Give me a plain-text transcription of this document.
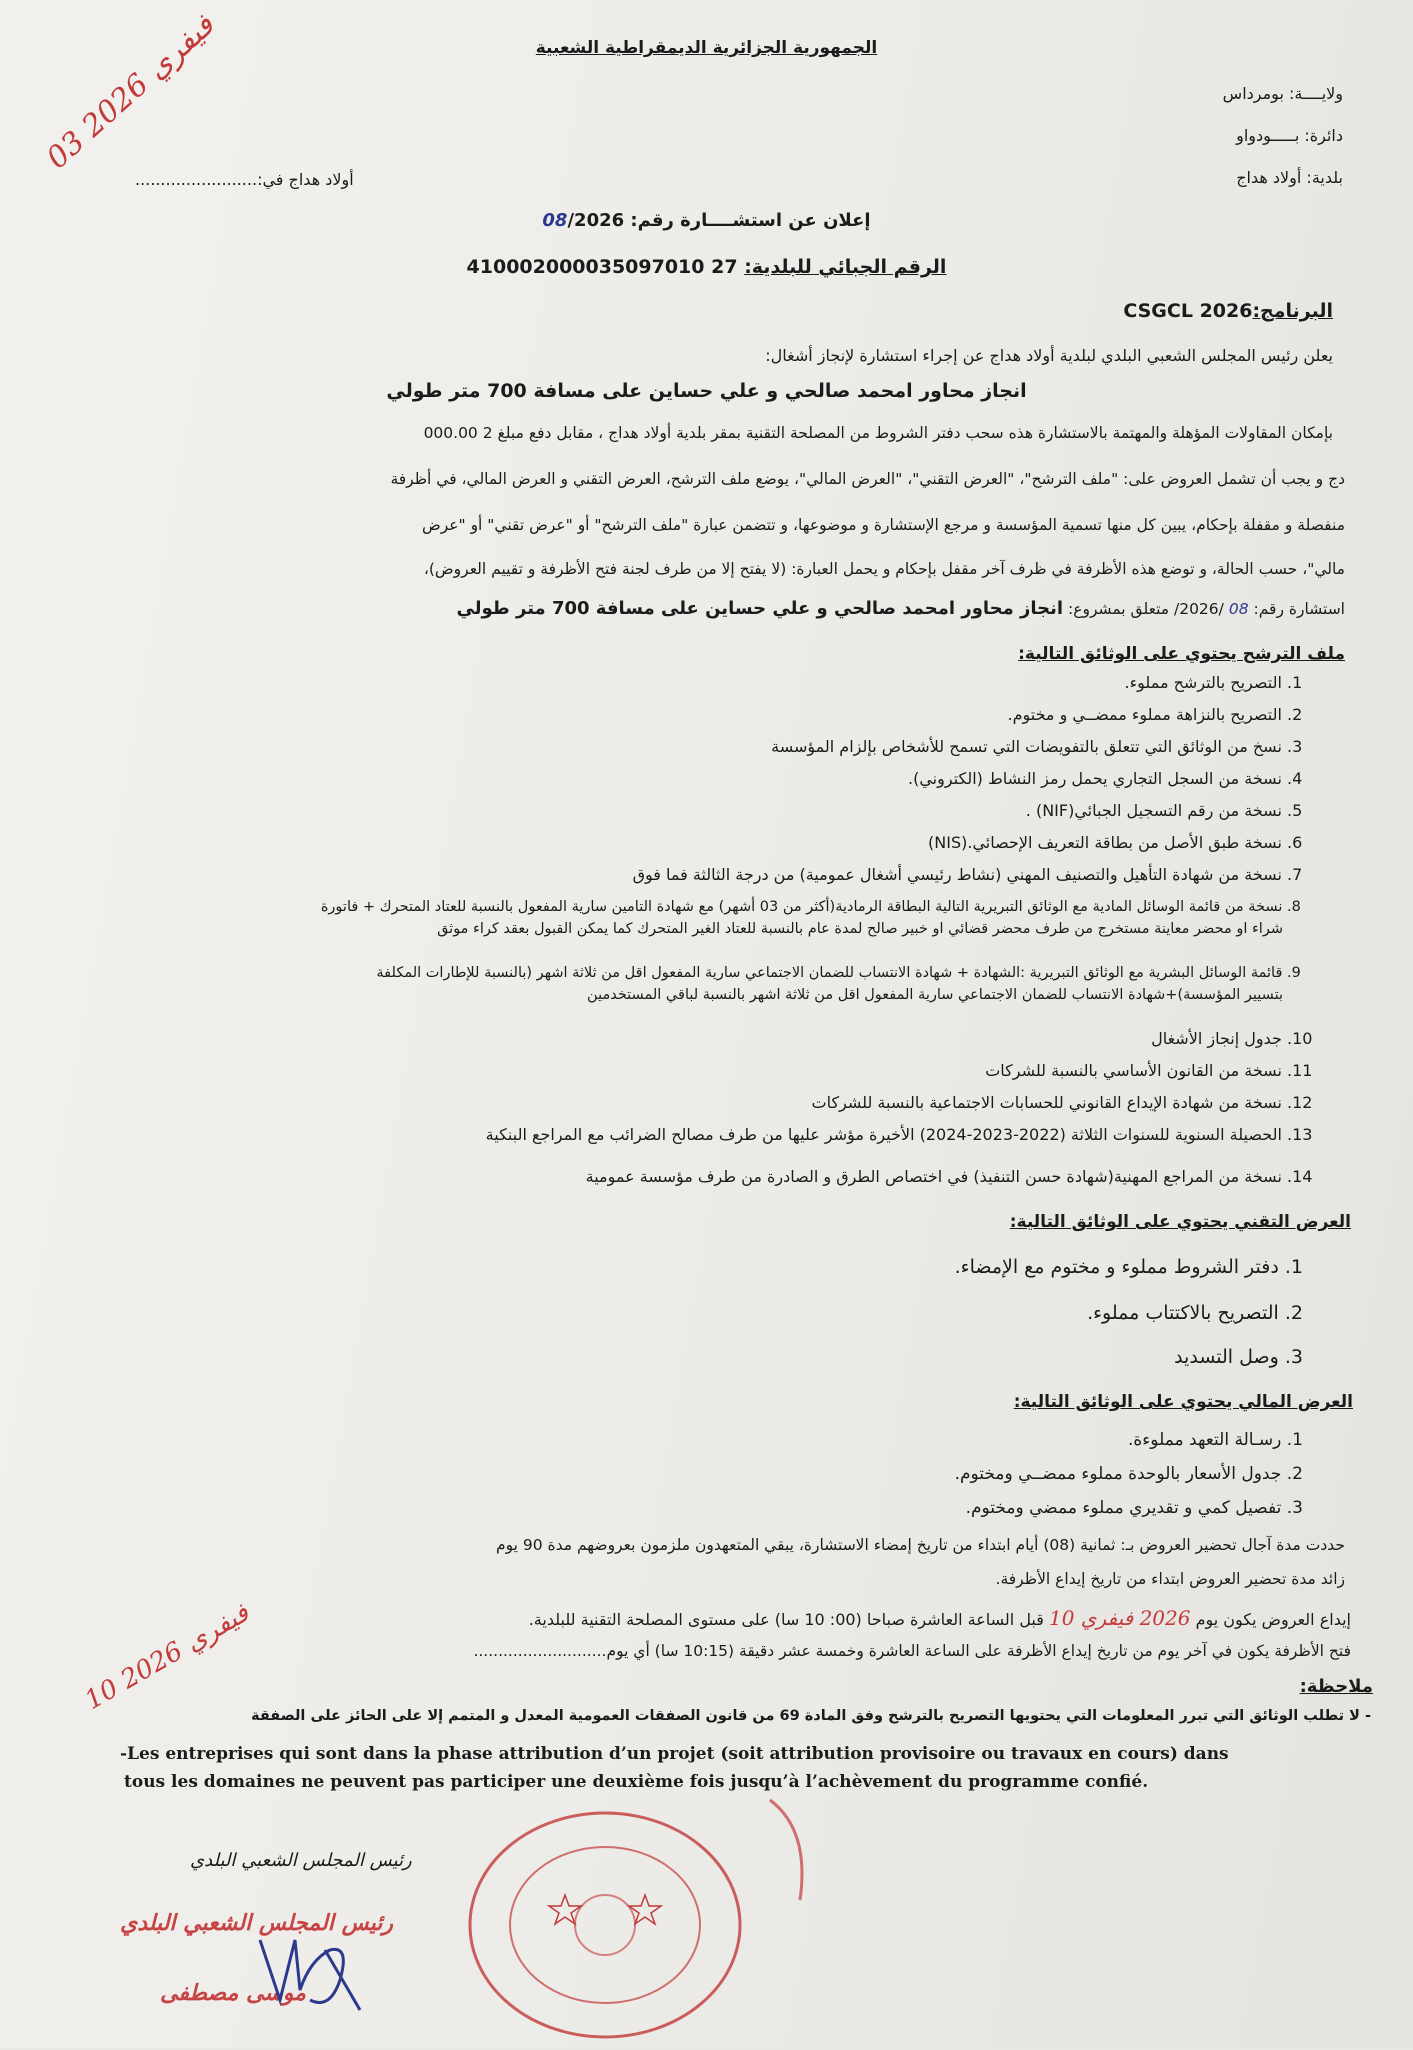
الجمهورية الجزائرية الديمقراطية الشعبية
ولايــــة: بومرداس
دائرة: بـــــودواو
بلدية: أولاد هداج
أولاد هداج في:........................
03 فيفري 2026
إعلان عن استشــــارة رقم: 08/2026
الرقم الجبائي للبلدية: 410002000035097010 27
البرنامج:CSGCL 2026
يعلن رئيس المجلس الشعبي البلدي لبلدية أولاد هداج عن إجراء استشارة لإنجاز أشغال:
انجاز محاور امحمد صالحي و علي حساين على مسافة 700 متر طولي
بإمكان المقاولات المؤهلة والمهتمة بالاستشارة هذه سحب دفتر الشروط من المصلحة التقنية بمقر بلدية أولاد هداج ، مقابل دفع مبلغ 2 000.00
دج و يجب أن تشمل العروض على: "ملف الترشح"، "العرض التقني"، "العرض المالي"، يوضع ملف الترشح، العرض التقني و العرض المالي، في أظرفة
منفصلة و مقفلة بإحكام، يبين كل منها تسمية المؤسسة و مرجع الإستشارة و موضوعها، و تتضمن عبارة "ملف الترشح" أو "عرض تقني" أو "عرض
مالي"، حسب الحالة، و توضع هذه الأظرفة في ظرف آخر مقفل بإحكام و يحمل العبارة: (لا يفتح إلا من طرف لجنة فتح الأظرفة و تقييم العروض)،
استشارة رقم: 08 /2026/ متعلق بمشروع: انجاز محاور امحمد صالحي و علي حساين على مسافة 700 متر طولي
ملف الترشح يحتوي على الوثائق التالية:
1. التصريح بالترشح مملوء.
2. التصريح بالنزاهة مملوء ممضــي و مختوم.
3. نسخ من الوثائق التي تتعلق بالتفويضات التي تسمح للأشخاص بإلزام المؤسسة
4. نسخة من السجل التجاري يحمل رمز النشاط (الكتروني).
5. نسخة من رقم التسجيل الجبائي(NIF) .
6. نسخة طبق الأصل من بطاقة التعريف الإحصائي.(NIS)
7. نسخة من شهادة التأهيل والتصنيف المهني (نشاط رئيسي أشغال عمومية) من درجة الثالثة فما فوق
8. نسخة من قائمة الوسائل المادية مع الوثائق التبريرية التالية البطاقة الرمادية(أكثر من 03 أشهر) مع شهادة التامين سارية المفعول بالنسبة للعتاد المتحرك + فاتورة
شراء او محضر معاينة مستخرج من طرف محضر قضائي او خبير صالح لمدة عام بالنسبة للعتاد الغير المتحرك كما يمكن القبول بعقد كراء موثق
9. قائمة الوسائل البشرية مع الوثائق التبريرية :الشهادة + شهادة الانتساب للضمان الاجتماعي سارية المفعول اقل من ثلاثة اشهر (بالنسبة للإطارات المكلفة
بتسيير المؤسسة)+شهادة الانتساب للضمان الاجتماعي سارية المفعول اقل من ثلاثة اشهر بالنسبة لباقي المستخدمين
10. جدول إنجاز الأشغال
11. نسخة من القانون الأساسي بالنسبة للشركات
12. نسخة من شهادة الإيداع القانوني للحسابات الاجتماعية بالنسبة للشركات
13. الحصيلة السنوية للسنوات الثلاثة (2022-2023-2024) الأخيرة مؤشر عليها من طرف مصالح الضرائب مع المراجع البنكية
14. نسخة من المراجع المهنية(شهادة حسن التنفيذ) في اختصاص الطرق و الصادرة من طرف مؤسسة عمومية
العرض التقني يحتوي على الوثائق التالية:
1. دفتر الشروط مملوء و مختوم مع الإمضاء.
2. التصريح بالاكتتاب مملوء.
3. وصل التسديد
العرض المالي يحتوي على الوثائق التالية:
1. رسـالة التعهد مملوءة.
2. جدول الأسعار بالوحدة مملوء ممضــي ومختوم.
3. تفصيل كمي و تقديري مملوء ممضي ومختوم.
حددت مدة آجال تحضير العروض بـ: ثمانية (08) أيام ابتداء من تاريخ إمضاء الاستشارة، يبقي المتعهدون ملزمون بعروضهم مدة 90 يوم
زائد مدة تحضير العروض ابتداء من تاريخ إيداع الأظرفة.
إيداع العروض يكون يوم 2026 فيفري 10 قبل الساعة العاشرة صباحا (00: 10 سا) على مستوى المصلحة التقنية للبلدية.
فتح الأظرفة يكون في آخر يوم من تاريخ إيداع الأظرفة على الساعة العاشرة وخمسة عشر دقيقة (10:15 سا) أي يوم...........................
10 فيفري 2026
ملاحظة:
- لا تطلب الوثائق التي تبرر المعلومات التي يحتويها التصريح بالترشح وفق المادة 69 من قانون الصفقات العمومية المعدل و المتمم إلا على الحائز على الصفقة
-Les entreprises qui sont dans la phase attribution d’un projet (soit attribution provisoire ou travaux en cours) dans
tous les domaines ne peuvent pas participer une deuxième fois jusqu’à l’achèvement du programme confié.
رئيس المجلس الشعبي البلدي
رئيس المجلس الشعبي البلدي
موسى مصطفى
